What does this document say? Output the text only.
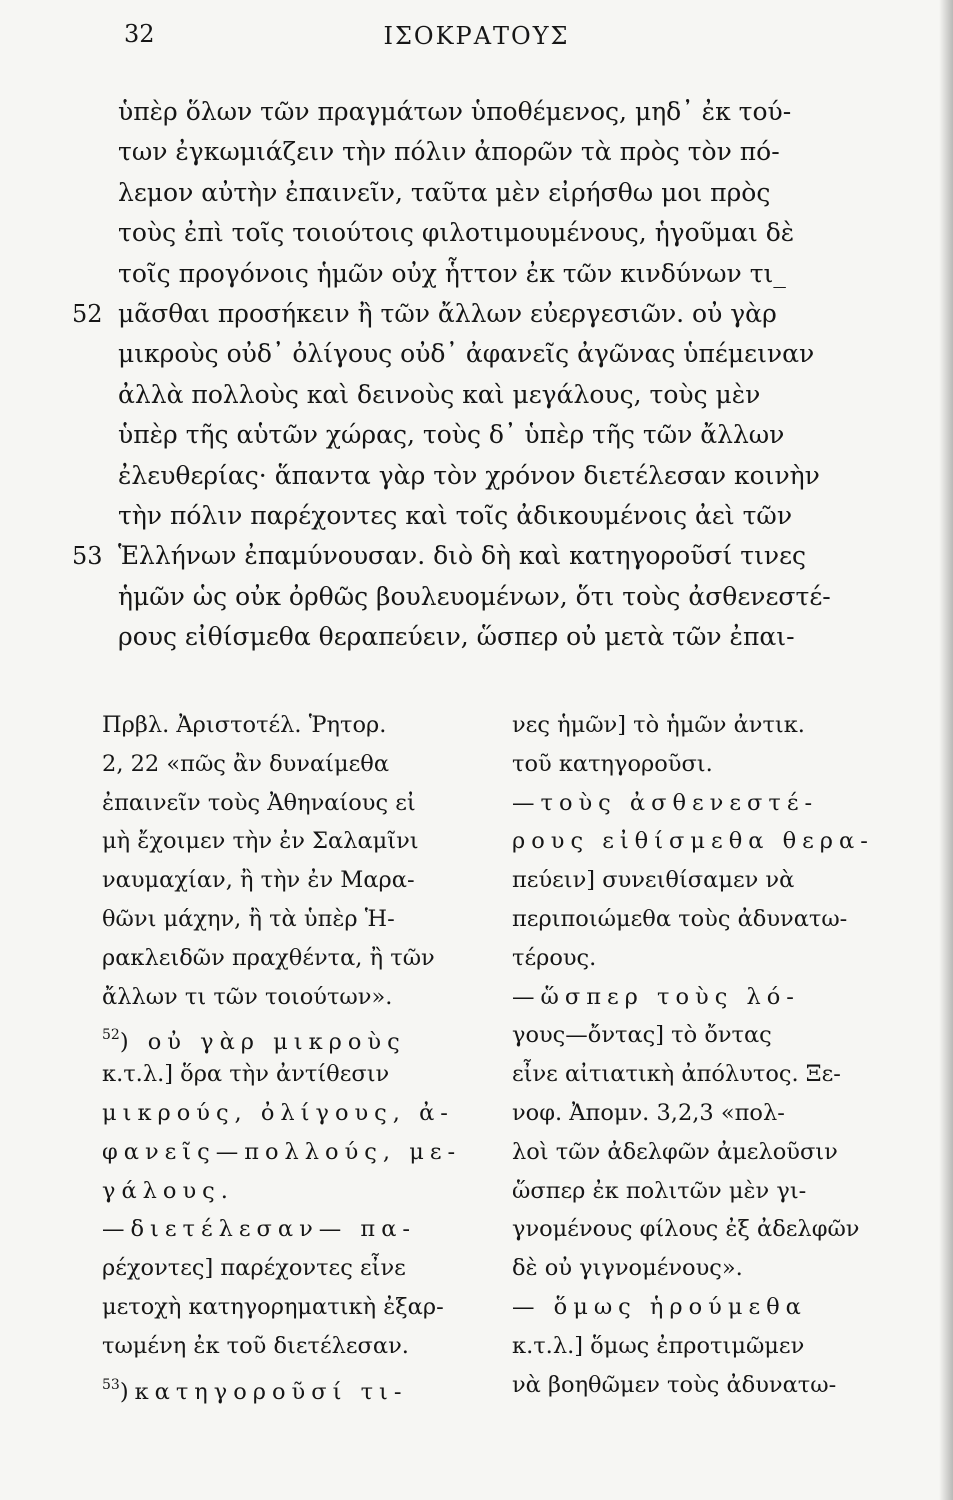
32	ΙΣΟΚΡΑΤΟΥΣ
ὑπὲρ ὅλων τῶν πραγμάτων ὑποθέμενος, μηδ᾽ ἐκ τού-
των ἐγκωμιάζειν τὴν πόλιν ἀπορῶν τὰ πρὸς τὸν πό-
λεμον αὐτὴν ἐπαινεῖν, ταῦτα μὲν εἰρήσθω μοι πρὸς
τοὺς ἐπὶ τοῖς τοιούτοις φιλοτιμουμένους, ἡγοῦμαι δὲ
τοῖς προγόνοις ἡμῶν οὐχ ἧττον ἐκ τῶν κινδύνων τι_
52 μᾶσθαι προσήκειν ἢ τῶν ἄλλων εὐεργεσιῶν. οὐ γὰρ
μικροὺς οὐδ᾽ ὀλίγους οὐδ᾽ ἀφανεῖς ἀγῶνας ὑπέμειναν
ἀλλὰ πολλοὺς καὶ δεινοὺς καὶ μεγάλους, τοὺς μὲν
ὑπὲρ τῆς αὑτῶν χώρας, τοὺς δ᾽ ὑπὲρ τῆς τῶν ἄλλων
ἐλευθερίας· ἅπαντα γὰρ τὸν χρόνον διετέλεσαν κοινὴν
τὴν πόλιν παρέχοντες καὶ τοῖς ἀδικουμένοις ἀεὶ τῶν
53 Ἑλλήνων ἐπαμύνουσαν. διὸ δὴ καὶ κατηγοροῦσί τινες
ἡμῶν ὡς οὐκ ὀρθῶς βουλευομένων, ὅτι τοὺς ἀσθενεστέ-
ρους εἰθίσμεθα θεραπεύειν, ὥσπερ οὐ μετὰ τῶν ἐπαι-
Πρβλ. Ἀριστοτέλ. Ῥητορ.
2, 22 «πῶς ἂν δυναίμεθα
ἐπαινεῖν τοὺς Ἀθηναίους εἰ
μὴ ἔχοιμεν τὴν ἐν Σαλαμῖνι
ναυμαχίαν, ἢ τὴν ἐν Μαρα-
θῶνι μάχην, ἢ τὰ ὑπὲρ Ἡ-
ρακλειδῶν πραχθέντα, ἢ τῶν
ἄλλων τι τῶν τοιούτων».
$^{52}$) οὐ γὰρ μικροὺς
κ.τ.λ.] ὅρα τὴν ἀντίθεσιν
μικρούς, ὀλίγους, ἀ-
φανεῖς—πολλούς, με-
γάλους.
—διετέλεσαν— πα-
ρέχοντες] παρέχοντες εἶνε
μετοχὴ κατηγορηματικὴ ἐξαρ-
τωμένη ἐκ τοῦ διετέλεσαν.
$^{53}$)κατηγοροῦσί τι-
νες ἡμῶν] τὸ ἡμῶν ἀντικ.
τοῦ κατηγοροῦσι.
—τοὺς ἀσθενεστέ-
ρους εἰθίσμεθα θερα-
πεύειν] συνειθίσαμεν νὰ
περιποιώμεθα τοὺς ἀδυνατω-
τέρους.
—ὥσπερ τοὺς λό-
γους—ὄντας] τὸ ὄντας
εἶνε αἰτιατικὴ ἀπόλυτος. Ξε-
νοφ. Ἀπομν. 3,2,3 «πολ-
λοὶ τῶν ἀδελφῶν ἀμελοῦσιν
ὥσπερ ἐκ πολιτῶν μὲν γι-
γνομένους φίλους ἐξ ἀδελφῶν
δὲ οὐ γιγνομένους».
— ὅμως ἡρούμεθα
κ.τ.λ.] ὅμως ἐπροτιμῶμεν
νὰ βοηθῶμεν τοὺς ἀδυνατω-
